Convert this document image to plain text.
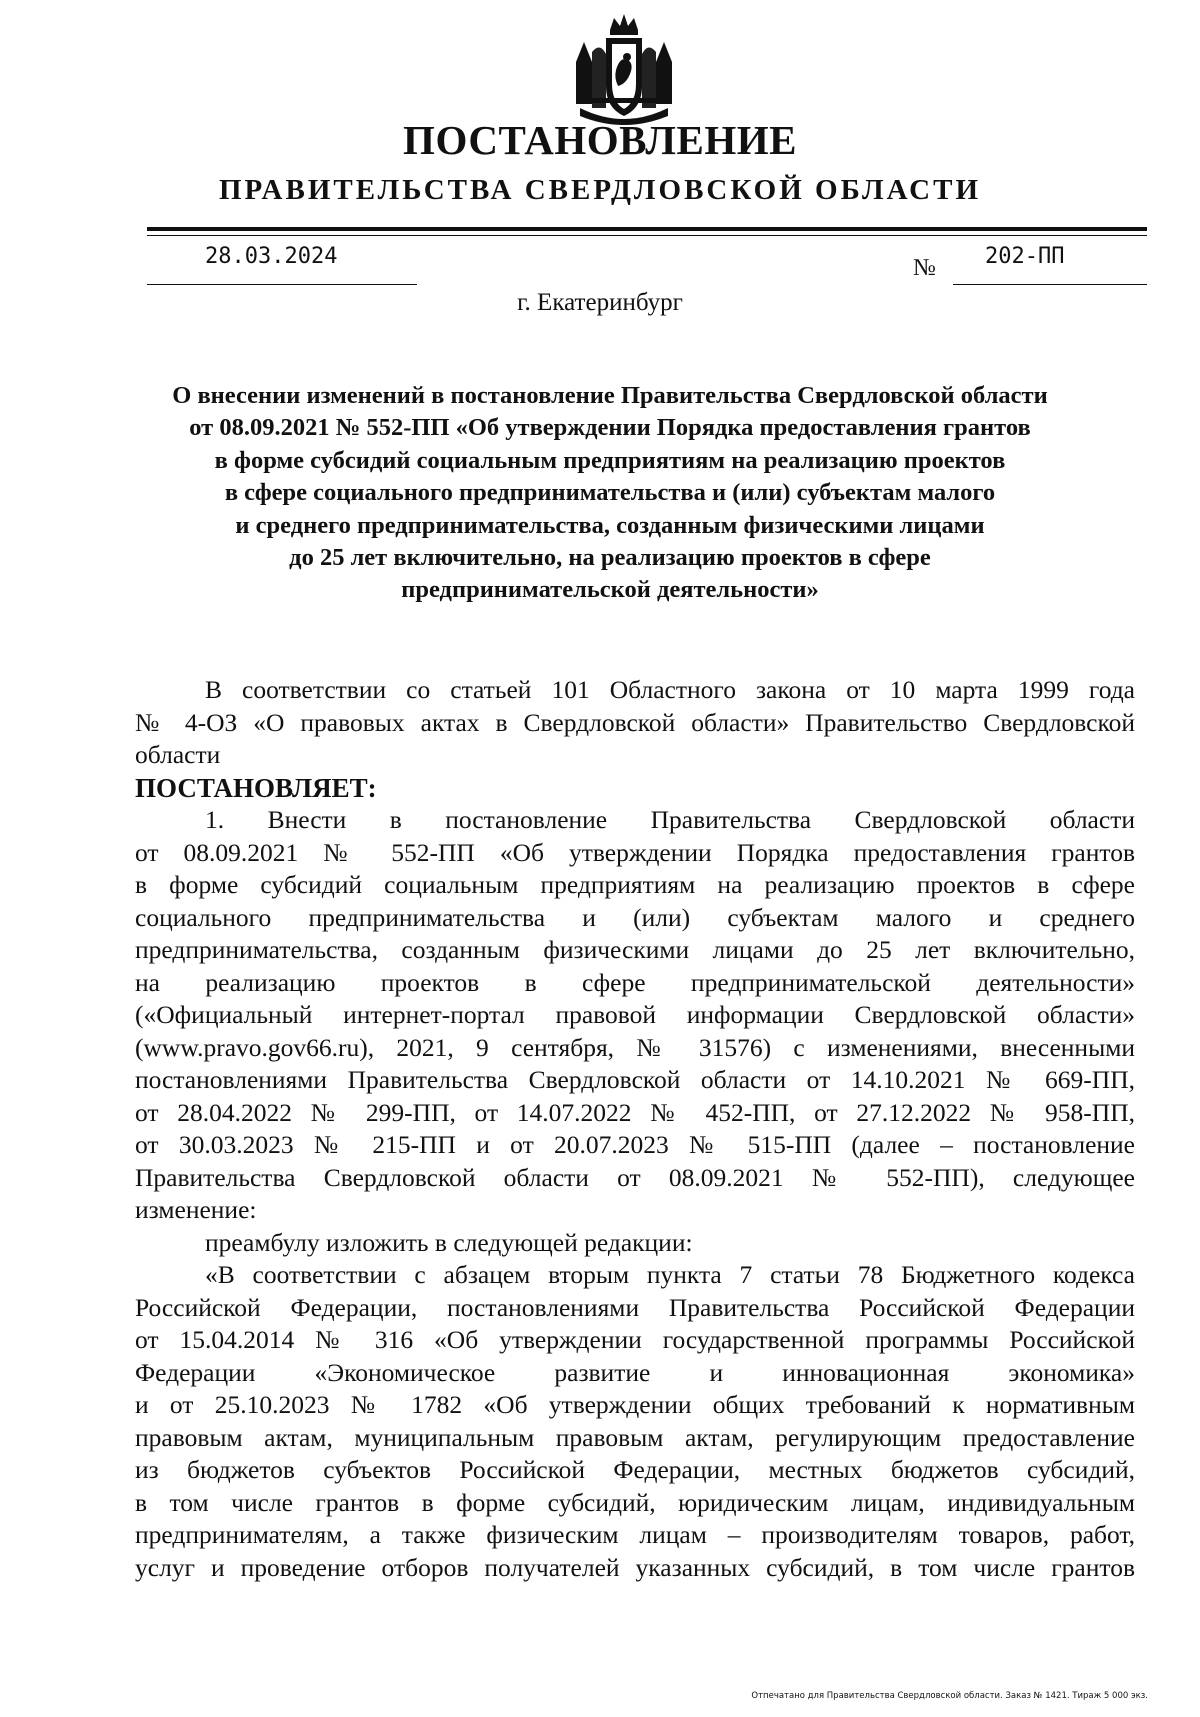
ПОСТАНОВЛЕНИЕ
ПРАВИТЕЛЬСТВА СВЕРДЛОВСКОЙ ОБЛАСТИ
28.03.2024	№ 202-ПП
г. Екатеринбург
О внесении изменений в постановление Правительства Свердловской области
от 08.09.2021 № 552-ПП «Об утверждении Порядка предоставления грантов
в форме субсидий социальным предприятиям на реализацию проектов
в сфере социального предпринимательства и (или) субъектам малого
и среднего предпринимательства, созданным физическими лицами
до 25 лет включительно, на реализацию проектов в сфере
предпринимательской деятельности»

В соответствии со статьей 101 Областного закона от 10 марта 1999 года

№ 4-ОЗ «О правовых актах в Свердловской области» Правительство Свердловской

области

ПОСТАНОВЛЯЕТ:

1. Внести в постановление Правительства Свердловской области

от 08.09.2021 № 552-ПП «Об утверждении Порядка предоставления грантов

в форме субсидий социальным предприятиям на реализацию проектов в сфере

социального предпринимательства и (или) субъектам малого и среднего

предпринимательства, созданным физическими лицами до 25 лет включительно,

на реализацию проектов в сфере предпринимательской деятельности»

(«Официальный интернет-портал правовой информации Свердловской области»

(www.pravo.gov66.ru), 2021, 9 сентября, № 31576) с изменениями, внесенными

постановлениями Правительства Свердловской области от 14.10.2021 № 669-ПП,

от 28.04.2022 № 299-ПП, от 14.07.2022 № 452-ПП, от 27.12.2022 № 958-ПП,

от 30.03.2023 № 215-ПП и от 20.07.2023 № 515-ПП (далее – постановление

Правительства Свердловской области от 08.09.2021 № 552-ПП), следующее

изменение:

преамбулу изложить в следующей редакции:

«В соответствии с абзацем вторым пункта 7 статьи 78 Бюджетного кодекса

Российской Федерации, постановлениями Правительства Российской Федерации

от 15.04.2014 № 316 «Об утверждении государственной программы Российской

Федерации «Экономическое развитие и инновационная экономика»

и от 25.10.2023 № 1782 «Об утверждении общих требований к нормативным

правовым актам, муниципальным правовым актам, регулирующим предоставление

из бюджетов субъектов Российской Федерации, местных бюджетов субсидий,

в том числе грантов в форме субсидий, юридическим лицам, индивидуальным

предпринимателям, а также физическим лицам – производителям товаров, работ,

услуг и проведение отборов получателей указанных субсидий, в том числе грантов

Отпечатано для Правительства Свердловской области. Заказ № 1421. Тираж 5 000 экз.
